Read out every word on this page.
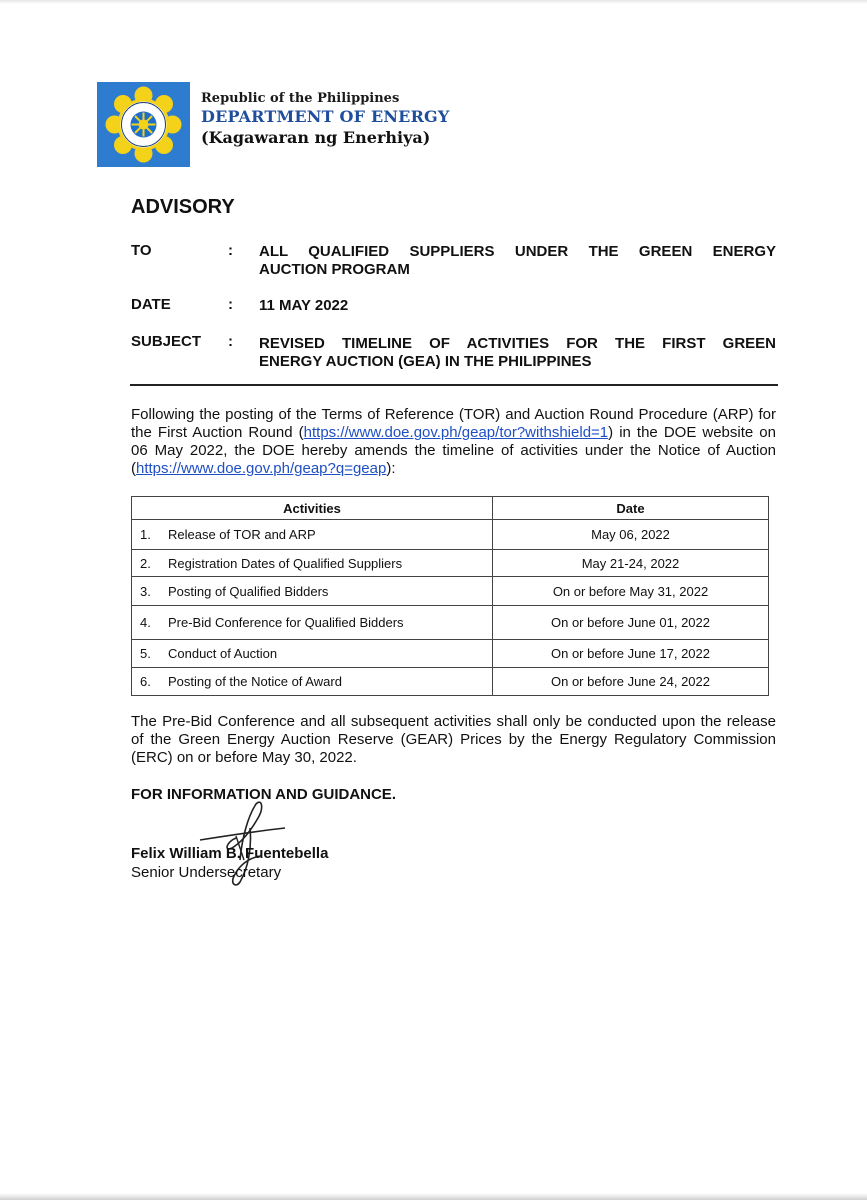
Republic of the Philippines
DEPARTMENT OF ENERGY
(Kagawaran ng Enerhiya)
ADVISORY
TO	: ALL QUALIFIED SUPPLIERS UNDER THE GREEN ENERGY
AUCTION PROGRAM
DATE	: 11 MAY 2022
SUBJECT : REVISED TIMELINE OF ACTIVITIES FOR THE FIRST GREEN
ENERGY AUCTION (GEA) IN THE PHILIPPINES
Following the posting of the Terms of Reference (TOR) and Auction Round Procedure (ARP) for the First Auction Round (https://www.doe.gov.ph/geap/tor?withshield=1) in the DOE website on 06 May 2022, the DOE hereby amends the timeline of activities under the Notice of Auction (https://www.doe.gov.ph/geap?q=geap):
Activities	Date
1. Release of TOR and ARP	May 06, 2022
2. Registration Dates of Qualified Suppliers	May 21-24, 2022
3. Posting of Qualified Bidders	On or before May 31, 2022
4. Pre-Bid Conference for Qualified Bidders	On or before June 01, 2022
5. Conduct of Auction	On or before June 17, 2022
6. Posting of the Notice of Award	On or before June 24, 2022
The Pre-Bid Conference and all subsequent activities shall only be conducted upon the release of the Green Energy Auction Reserve (GEAR) Prices by the Energy Regulatory Commission (ERC) on or before May 30, 2022.
FOR INFORMATION AND GUIDANCE.
Felix William B. Fuentebella
Senior Undersecretary
